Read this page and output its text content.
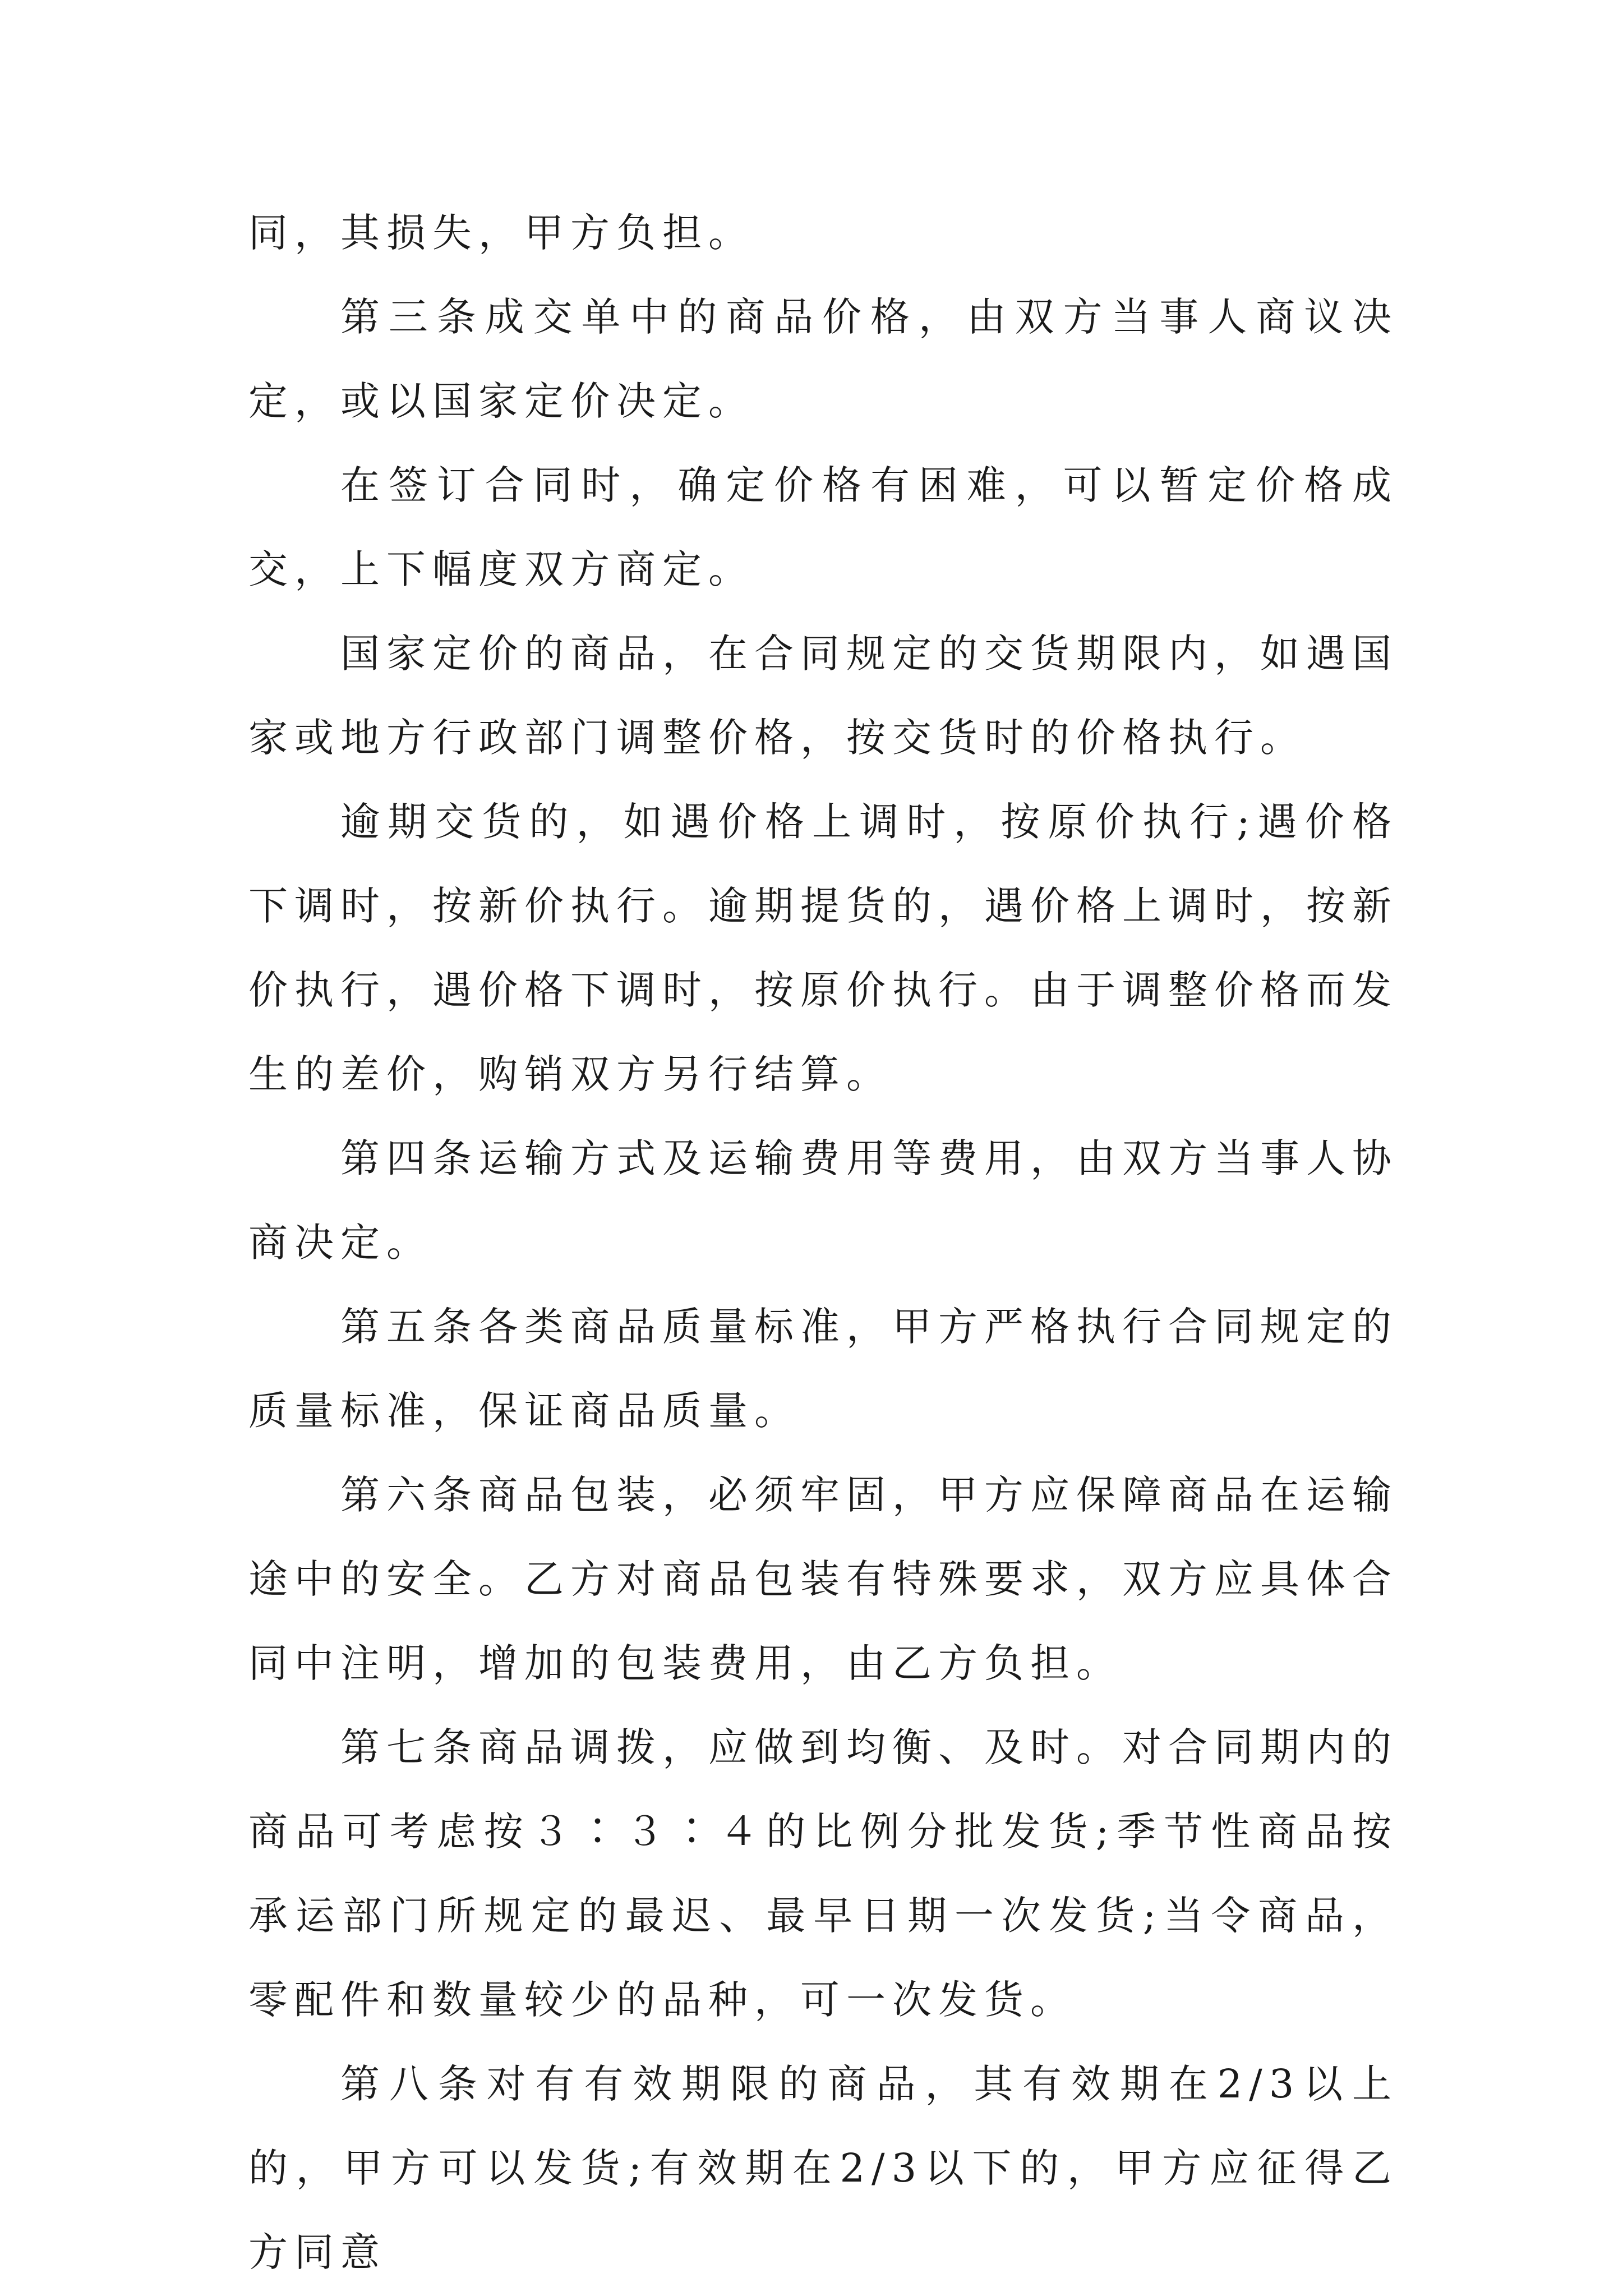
同，其损失，甲方负担。

第三条成交单中的商品价格，由双方当事人商议决定，或以国家定价决定。

在签订合同时，确定价格有困难，可以暂定价格成交，上下幅度双方商定。

国家定价的商品，在合同规定的交货期限内，如遇国家或地方行政部门调整价格，按交货时的价格执行。

逾期交货的，如遇价格上调时，按原价执行;遇价格下调时，按新价执行。逾期提货的，遇价格上调时，按新价执行，遇价格下调时，按原价执行。由于调整价格而发生的差价，购销双方另行结算。

第四条运输方式及运输费用等费用，由双方当事人协商决定。

第五条各类商品质量标准，甲方严格执行合同规定的质量标准，保证商品质量。

第六条商品包装，必须牢固，甲方应保障商品在运输途中的安全。乙方对商品包装有特殊要求，双方应具体合同中注明，增加的包装费用，由乙方负担。

第七条商品调拨，应做到均衡、及时。对合同期内的商品可考虑按３∶３∶４的比例分批发货;季节性商品按承运部门所规定的最迟、最早日期一次发货;当令商品，零配件和数量较少的品种，可一次发货。

第八条对有有效期限的商品，其有效期在2/3以上的，甲方可以发货;有效期在2/3以下的，甲方应征得乙方同意
